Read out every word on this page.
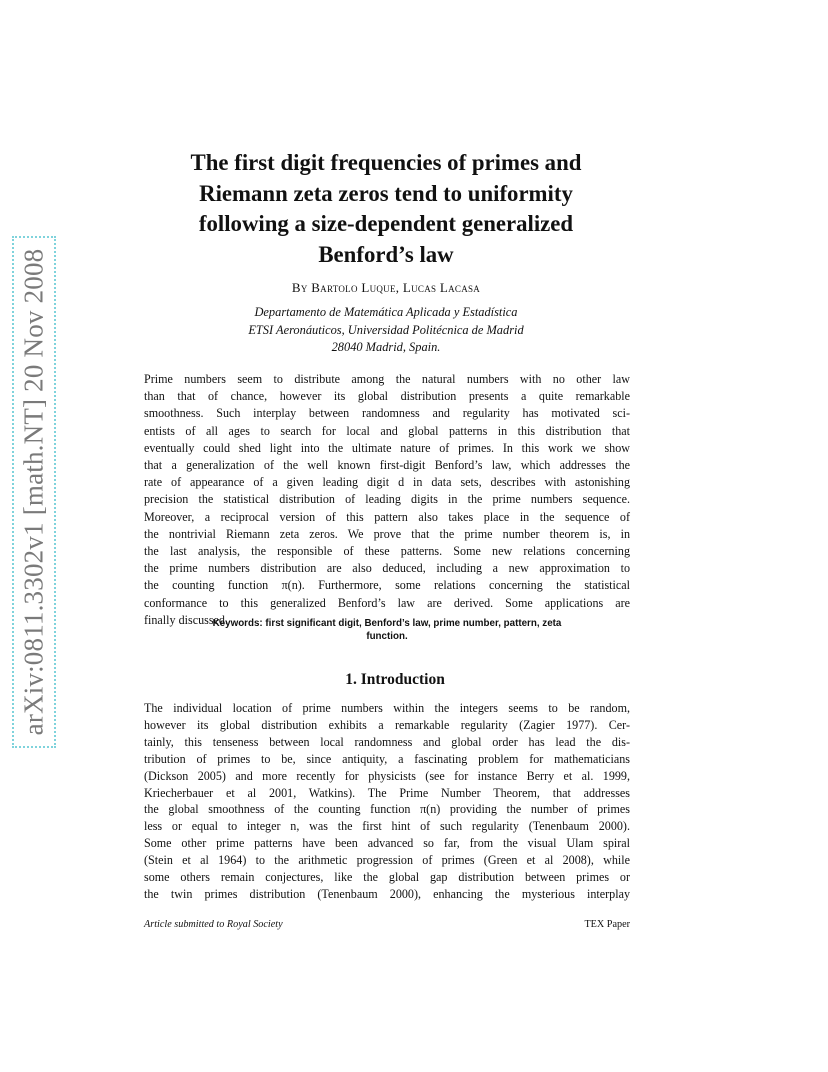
arXiv:0811.3302v1 [math.NT] 20 Nov 2008
The first digit frequencies of primes and
Riemann zeta zeros tend to uniformity
following a size-dependent generalized
Benford’s law
By Bartolo Luque, Lucas Lacasa
Departamento de Matemática Aplicada y Estadística
ETSI Aeronáuticos, Universidad Politécnica de Madrid
28040 Madrid, Spain.
Prime numbers seem to distribute among the natural numbers with no other law
than that of chance, however its global distribution presents a quite remarkable
smoothness. Such interplay between randomness and regularity has motivated sci-
entists of all ages to search for local and global patterns in this distribution that
eventually could shed light into the ultimate nature of primes. In this work we show
that a generalization of the well known first-digit Benford’s law, which addresses the
rate of appearance of a given leading digit d in data sets, describes with astonishing
precision the statistical distribution of leading digits in the prime numbers sequence.
Moreover, a reciprocal version of this pattern also takes place in the sequence of
the nontrivial Riemann zeta zeros. We prove that the prime number theorem is, in
the last analysis, the responsible of these patterns. Some new relations concerning
the prime numbers distribution are also deduced, including a new approximation to
the counting function π(n). Furthermore, some relations concerning the statistical
conformance to this generalized Benford’s law are derived. Some applications are
finally discussed.
Keywords: first significant digit, Benford’s law, prime number, pattern, zeta
function.
1. Introduction
The individual location of prime numbers within the integers seems to be random,
however its global distribution exhibits a remarkable regularity (Zagier 1977). Cer-
tainly, this tenseness between local randomness and global order has lead the dis-
tribution of primes to be, since antiquity, a fascinating problem for mathematicians
(Dickson 2005) and more recently for physicists (see for instance Berry et al. 1999,
Kriecherbauer et al 2001, Watkins). The Prime Number Theorem, that addresses
the global smoothness of the counting function π(n) providing the number of primes
less or equal to integer n, was the first hint of such regularity (Tenenbaum 2000).
Some other prime patterns have been advanced so far, from the visual Ulam spiral
(Stein et al 1964) to the arithmetic progression of primes (Green et al 2008), while
some others remain conjectures, like the global gap distribution between primes or
the twin primes distribution (Tenenbaum 2000), enhancing the mysterious interplay
Article submitted to Royal Society	TEX Paper
